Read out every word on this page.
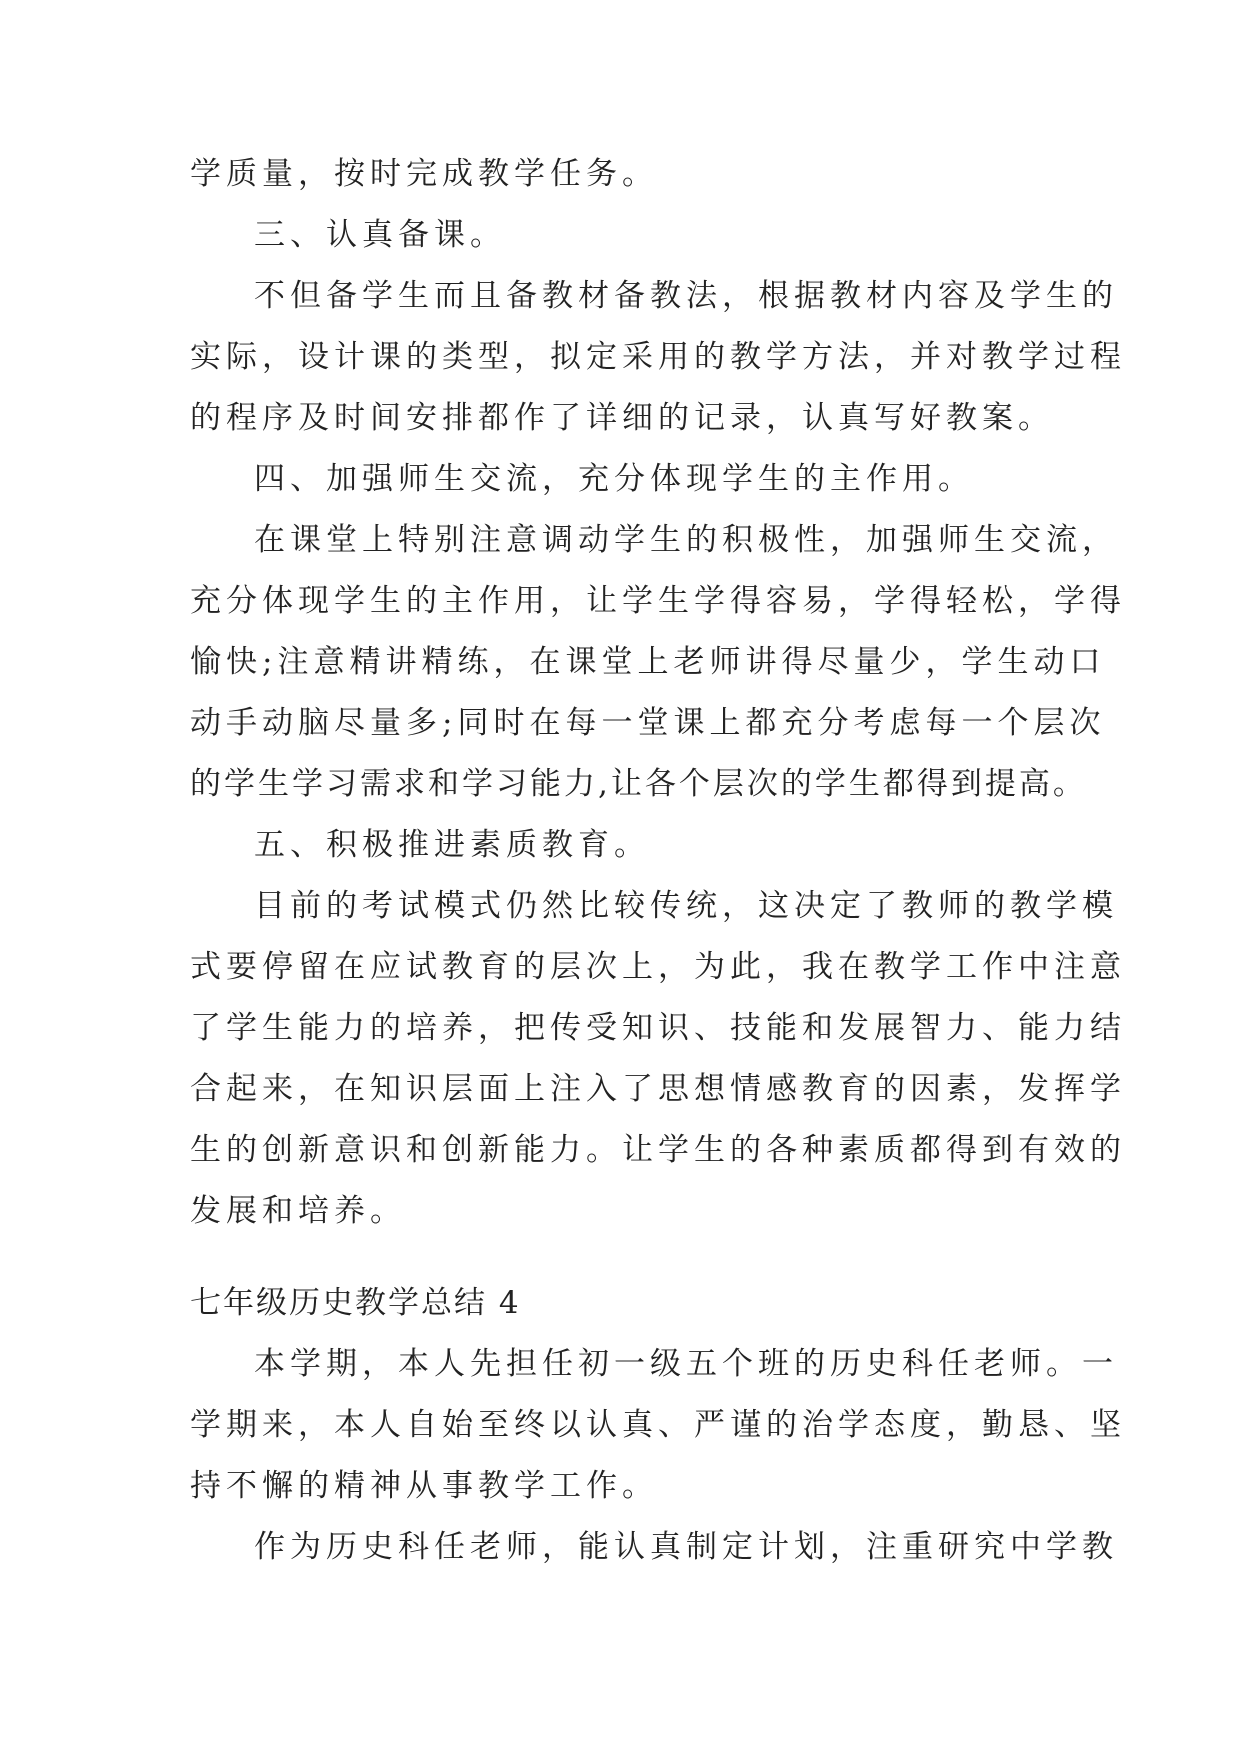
学质量，按时完成教学任务。
三、认真备课。
不但备学生而且备教材备教法，根据教材内容及学生的
实际，设计课的类型，拟定采用的教学方法，并对教学过程
的程序及时间安排都作了详细的记录，认真写好教案。
四、加强师生交流，充分体现学生的主作用。
在课堂上特别注意调动学生的积极性，加强师生交流，
充分体现学生的主作用，让学生学得容易，学得轻松，学得
愉快;注意精讲精练，在课堂上老师讲得尽量少，学生动口
动手动脑尽量多;同时在每一堂课上都充分考虑每一个层次
的学生学习需求和学习能力,让各个层次的学生都得到提高。
五、积极推进素质教育。
目前的考试模式仍然比较传统，这决定了教师的教学模
式要停留在应试教育的层次上，为此，我在教学工作中注意
了学生能力的培养，把传受知识、技能和发展智力、能力结
合起来，在知识层面上注入了思想情感教育的因素，发挥学
生的创新意识和创新能力。让学生的各种素质都得到有效的
发展和培养。
七年级历史教学总结 4
本学期，本人先担任初一级五个班的历史科任老师。一
学期来，本人自始至终以认真、严谨的治学态度，勤恳、坚
持不懈的精神从事教学工作。
作为历史科任老师，能认真制定计划，注重研究中学教
